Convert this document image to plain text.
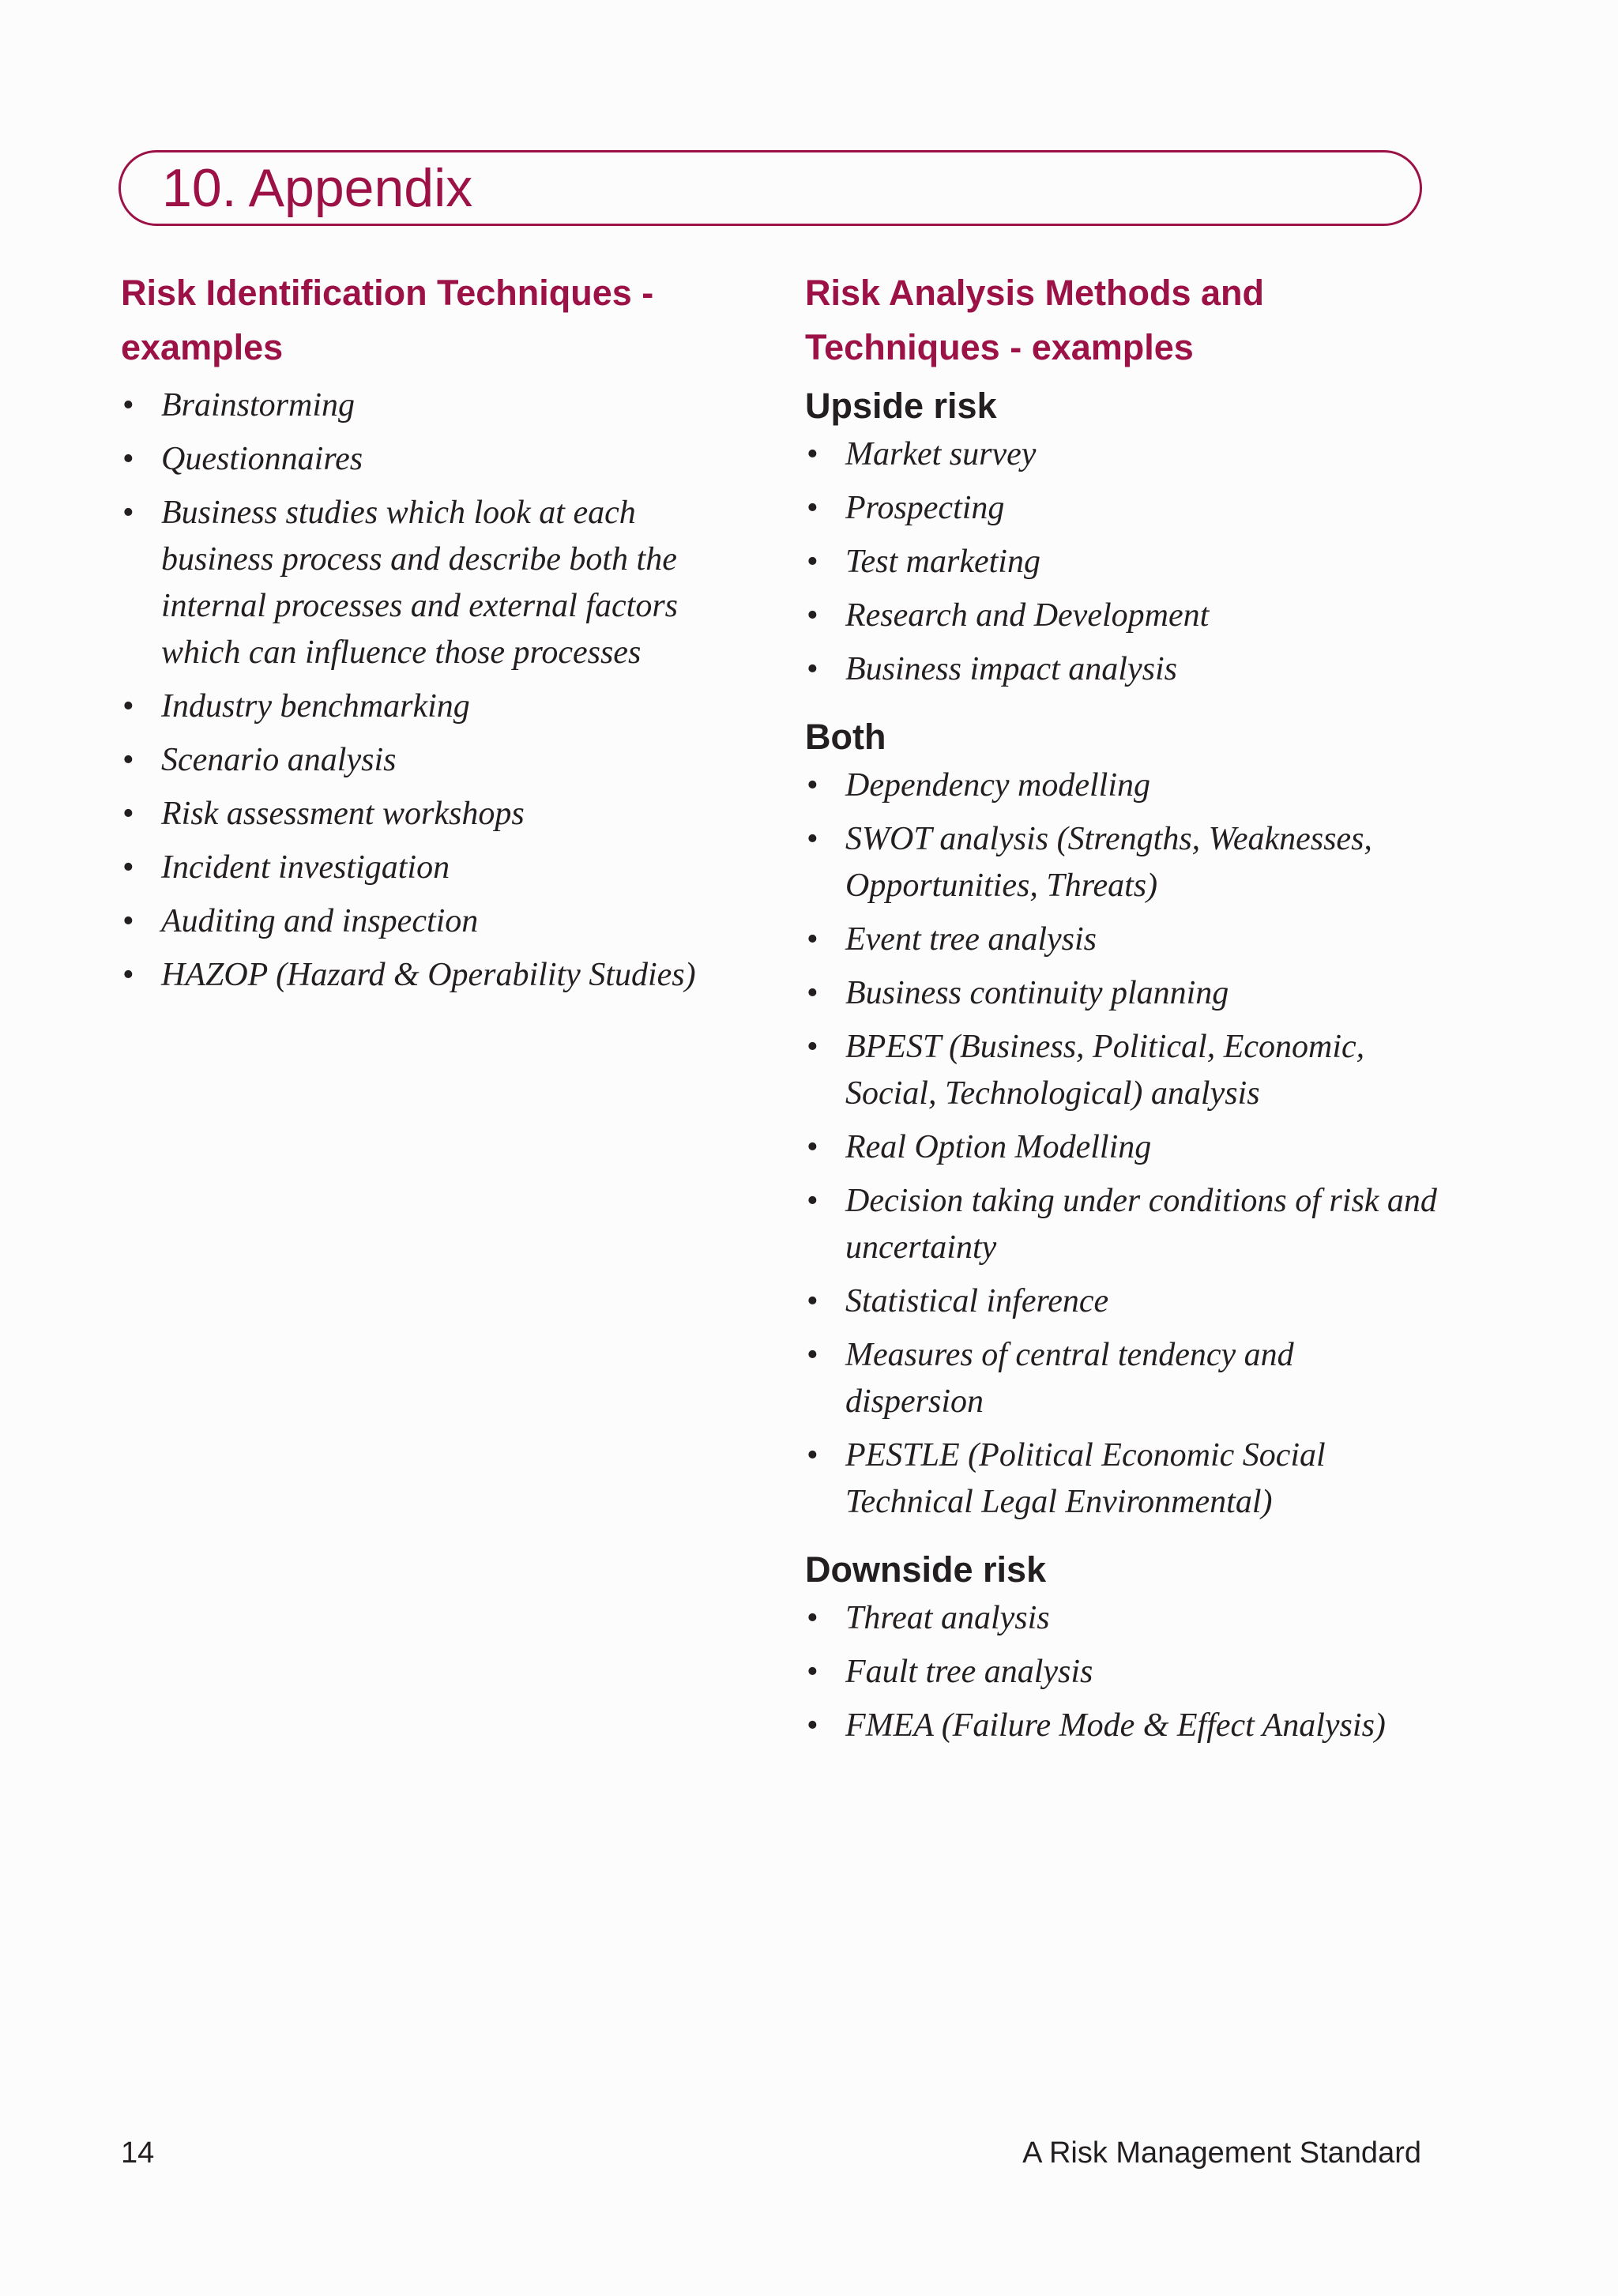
10. Appendix
Risk Identification Techniques -
examples
• Brainstorming
• Questionnaires
• Business studies which look at each business process and describe both the internal processes and external factors which can influence those processes
• Industry benchmarking
• Scenario analysis
• Risk assessment workshops
• Incident investigation
• Auditing and inspection
• HAZOP (Hazard & Operability Studies)
Risk Analysis Methods and
Techniques - examples
Upside risk
• Market survey
• Prospecting
• Test marketing
• Research and Development
• Business impact analysis
Both
• Dependency modelling
• SWOT analysis (Strengths, Weaknesses, Opportunities, Threats)
• Event tree analysis
• Business continuity planning
• BPEST (Business, Political, Economic, Social, Technological) analysis
• Real Option Modelling
• Decision taking under conditions of risk and uncertainty
• Statistical inference
• Measures of central tendency and dispersion
• PESTLE (Political Economic Social Technical Legal Environmental)
Downside risk
• Threat analysis
• Fault tree analysis
• FMEA (Failure Mode & Effect Analysis)
14	A Risk Management Standard
